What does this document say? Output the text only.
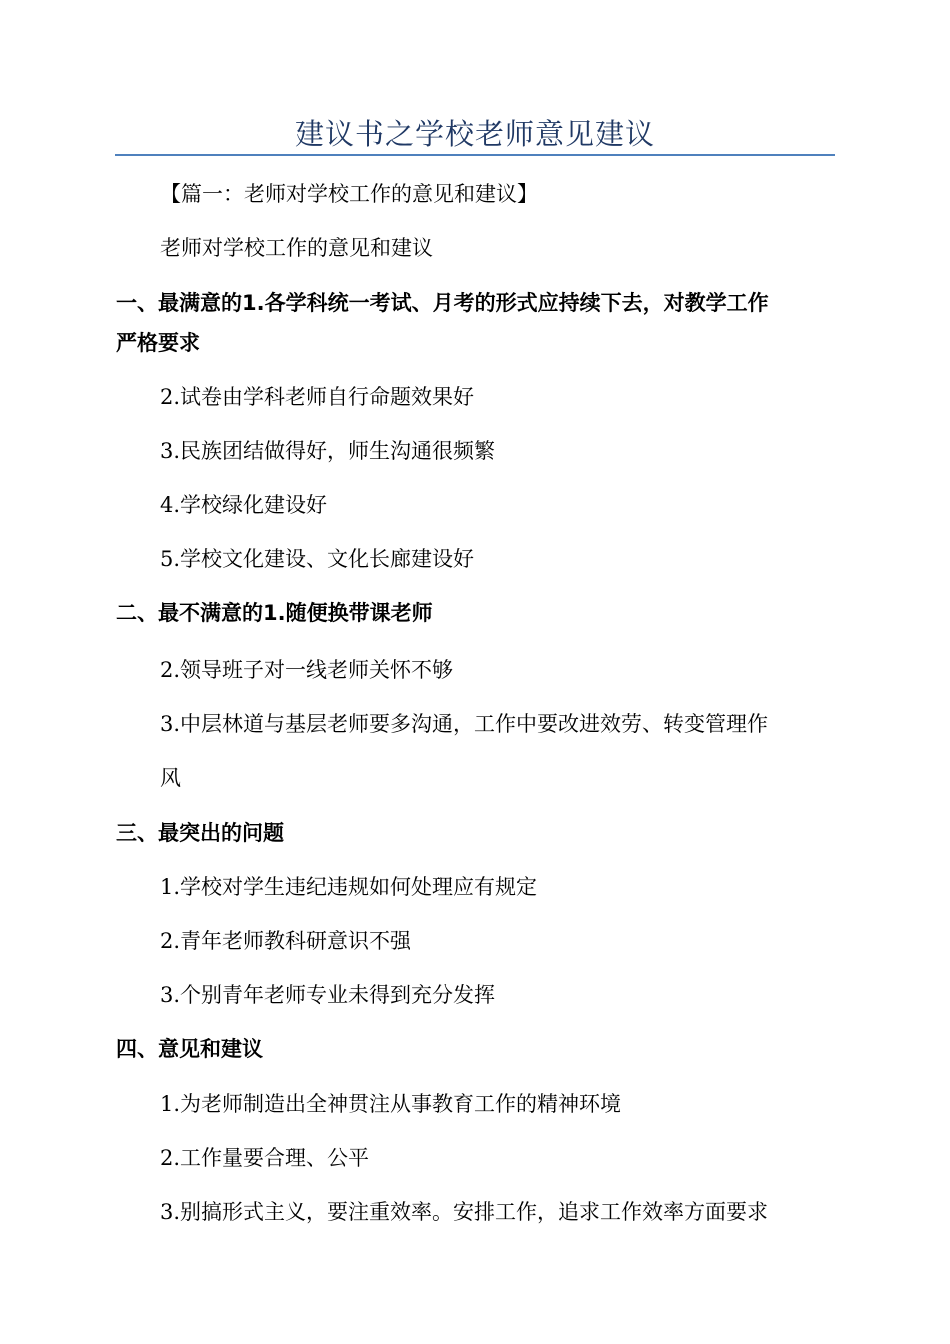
建议书之学校老师意见建议
【篇一：老师对学校工作的意见和建议】
老师对学校工作的意见和建议
一、最满意的1.各学科统一考试、月考的形式应持续下去，对教学工作
严格要求
2.试卷由学科老师自行命题效果好
3.民族团结做得好，师生沟通很频繁
4.学校绿化建设好
5.学校文化建设、文化长廊建设好
二、最不满意的1.随便换带课老师
2.领导班子对一线老师关怀不够
3.中层林道与基层老师要多沟通，工作中要改进效劳、转变管理作
风
三、最突出的问题
1.学校对学生违纪违规如何处理应有规定
2.青年老师教科研意识不强
3.个别青年老师专业未得到充分发挥
四、意见和建议
1.为老师制造出全神贯注从事教育工作的精神环境
2.工作量要合理、公平
3.别搞形式主义，要注重效率。安排工作，追求工作效率方面要求
